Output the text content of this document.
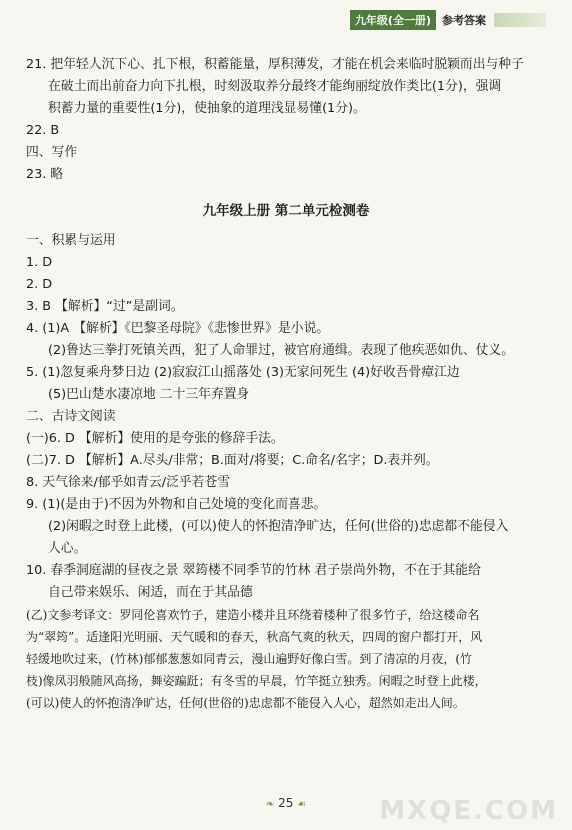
九年级(全一册)	参考答案
21. 把年轻人沉下心、扎下根，积蓄能量，厚积薄发，才能在机会来临时脱颖而出与种子
在破土而出前奋力向下扎根，时刻汲取养分最终才能绚丽绽放作类比(1分)，强调
积蓄力量的重要性(1分)，使抽象的道理浅显易懂(1分)。
22. B
四、写作
23. 略
九年级上册 第二单元检测卷
一、积累与运用
1. D
2. D
3. B 【解析】“过”是副词。
4. (1)A 【解析】《巴黎圣母院》《悲惨世界》是小说。
(2)鲁达三拳打死镇关西，犯了人命罪过，被官府通缉。表现了他疾恶如仇、仗义。
5. (1)忽复乘舟梦日边 (2)寂寂江山摇落处 (3)无家问死生 (4)好收吾骨瘴江边
(5)巴山楚水凄凉地 二十三年弃置身
二、古诗文阅读
(一)6. D 【解析】使用的是夸张的修辞手法。
(二)7. D 【解析】A.尽头/非常；B.面对/将要；C.命名/名字；D.表并列。
8. 天气徐来/郁乎如青云/泛乎若苍雪
9. (1)(是由于)不因为外物和自己处境的变化而喜悲。
(2)闲暇之时登上此楼，(可以)使人的怀抱清净旷达，任何(世俗的)忠虑都不能侵入
人心。
10. 春季洞庭湖的昼夜之景 翠筠楼不同季节的竹林 君子崇尚外物，不在于其能给
自己带来娱乐、闲适，而在于其品德
(乙)文参考译文：罗同伦喜欢竹子，建造小楼并且环绕着楼种了很多竹子，给这楼命名
为“翠筠”。适逢阳光明丽、天气暖和的春天，秋高气爽的秋天，四周的窗户都打开，风
轻缓地吹过来，(竹林)郁郁葱葱如同青云，漫山遍野好像白雪。到了清凉的月夜，(竹
枝)像凤羽般随风高扬，舞姿蹁跹；有冬雪的早晨，竹竿挺立独秀。闲暇之时登上此楼，
(可以)使人的怀抱清净旷达，任何(世俗的)忠虑都不能侵入人心，超然如走出人间。
❧ 25 ☙	MXQE.COM
